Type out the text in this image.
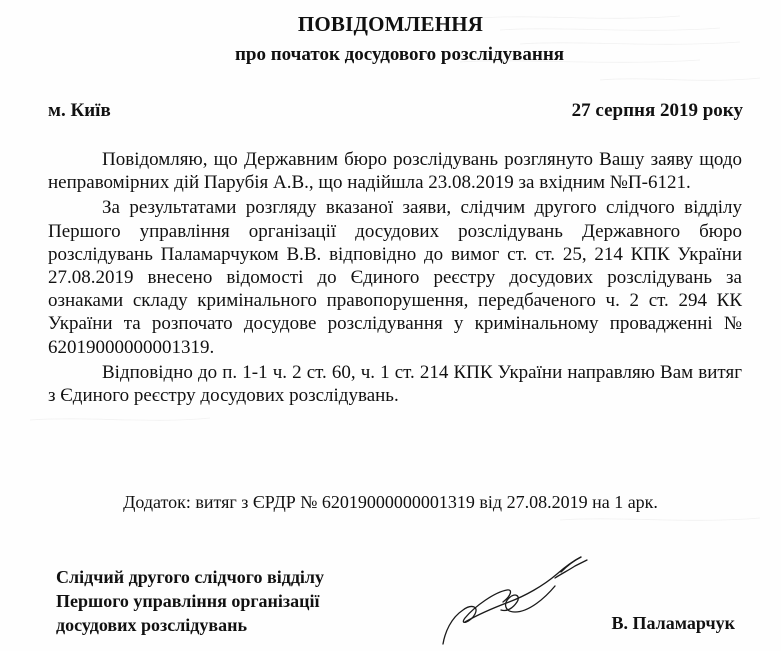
ПОВІДОМЛЕННЯ
про початок досудового розслідування
м. Київ	27 серпня 2019 року

Повідомляю, що Державним бюро розслідувань розглянуто Вашу заяву щодо неправомірних дій Парубія А.В., що надійшла 23.08.2019 за вхідним №П-6121.

За результатами розгляду вказаної заяви, слідчим другого слідчого відділу Першого управління організації досудових розслідувань Державного бюро розслідувань Паламарчуком В.В. відповідно до вимог ст. ст. 25, 214 КПК України 27.08.2019 внесено відомості до Єдиного реєстру досудових розслідувань за ознаками складу кримінального правопорушення, передбаченого ч. 2 ст. 294 КК України та розпочато досудове розслідування у кримінальному провадженні № 62019000000001319.

Відповідно до п. 1-1 ч. 2 ст. 60, ч. 1 ст. 214 КПК України направляю Вам витяг з Єдиного реєстру досудових розслідувань.

Додаток: витяг з ЄРДР № 62019000000001319 від 27.08.2019 на 1 арк.
Слідчий другого слідчого відділу
Першого управління організації
досудових розслідувань	В. Паламарчук
